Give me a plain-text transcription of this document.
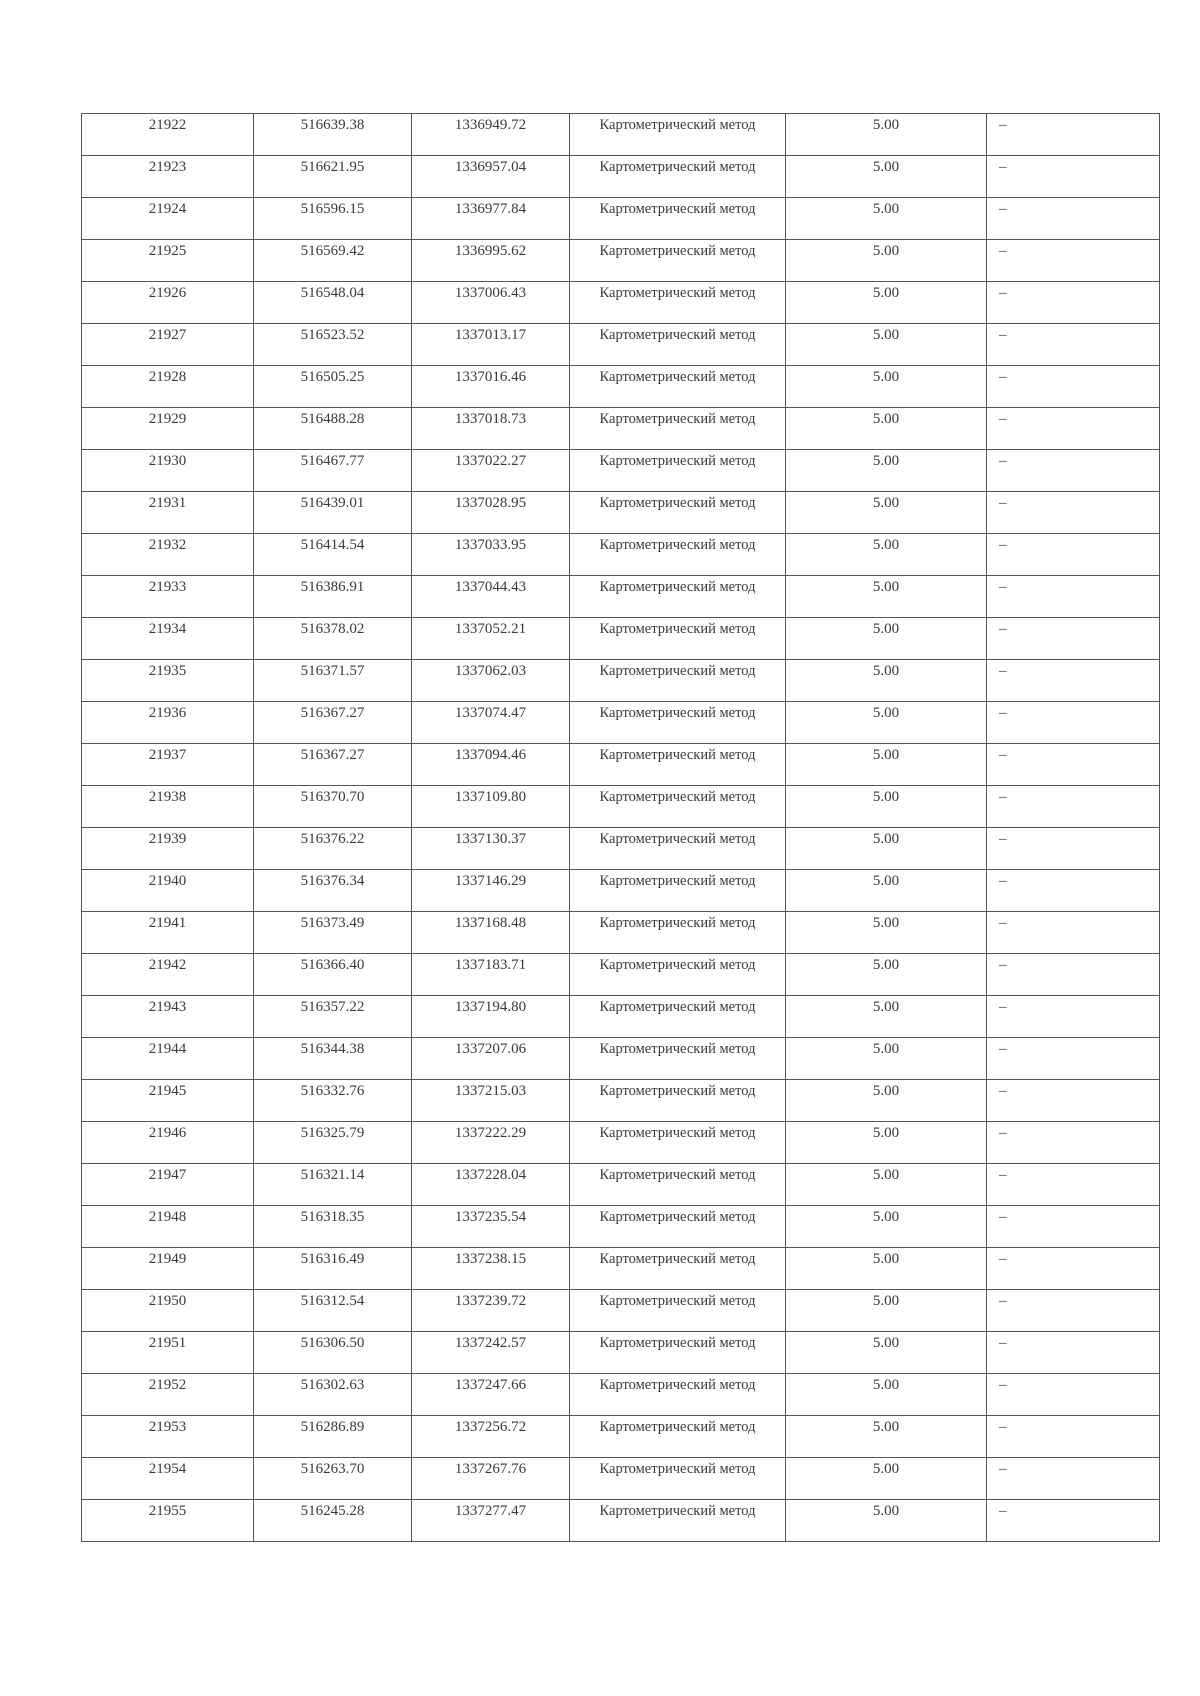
21922	516639.38	1336949.72	Картометрический метод	5.00	–

21923	516621.95	1336957.04	Картометрический метод	5.00	–

21924	516596.15	1336977.84	Картометрический метод	5.00	–

21925	516569.42	1336995.62	Картометрический метод	5.00	–

21926	516548.04	1337006.43	Картометрический метод	5.00	–

21927	516523.52	1337013.17	Картометрический метод	5.00	–

21928	516505.25	1337016.46	Картометрический метод	5.00	–

21929	516488.28	1337018.73	Картометрический метод	5.00	–

21930	516467.77	1337022.27	Картометрический метод	5.00	–

21931	516439.01	1337028.95	Картометрический метод	5.00	–

21932	516414.54	1337033.95	Картометрический метод	5.00	–

21933	516386.91	1337044.43	Картометрический метод	5.00	–

21934	516378.02	1337052.21	Картометрический метод	5.00	–

21935	516371.57	1337062.03	Картометрический метод	5.00	–

21936	516367.27	1337074.47	Картометрический метод	5.00	–

21937	516367.27	1337094.46	Картометрический метод	5.00	–

21938	516370.70	1337109.80	Картометрический метод	5.00	–

21939	516376.22	1337130.37	Картометрический метод	5.00	–

21940	516376.34	1337146.29	Картометрический метод	5.00	–

21941	516373.49	1337168.48	Картометрический метод	5.00	–

21942	516366.40	1337183.71	Картометрический метод	5.00	–

21943	516357.22	1337194.80	Картометрический метод	5.00	–

21944	516344.38	1337207.06	Картометрический метод	5.00	–

21945	516332.76	1337215.03	Картометрический метод	5.00	–

21946	516325.79	1337222.29	Картометрический метод	5.00	–

21947	516321.14	1337228.04	Картометрический метод	5.00	–

21948	516318.35	1337235.54	Картометрический метод	5.00	–

21949	516316.49	1337238.15	Картометрический метод	5.00	–

21950	516312.54	1337239.72	Картометрический метод	5.00	–

21951	516306.50	1337242.57	Картометрический метод	5.00	–

21952	516302.63	1337247.66	Картометрический метод	5.00	–

21953	516286.89	1337256.72	Картометрический метод	5.00	–

21954	516263.70	1337267.76	Картометрический метод	5.00	–

21955	516245.28	1337277.47	Картометрический метод	5.00	–
